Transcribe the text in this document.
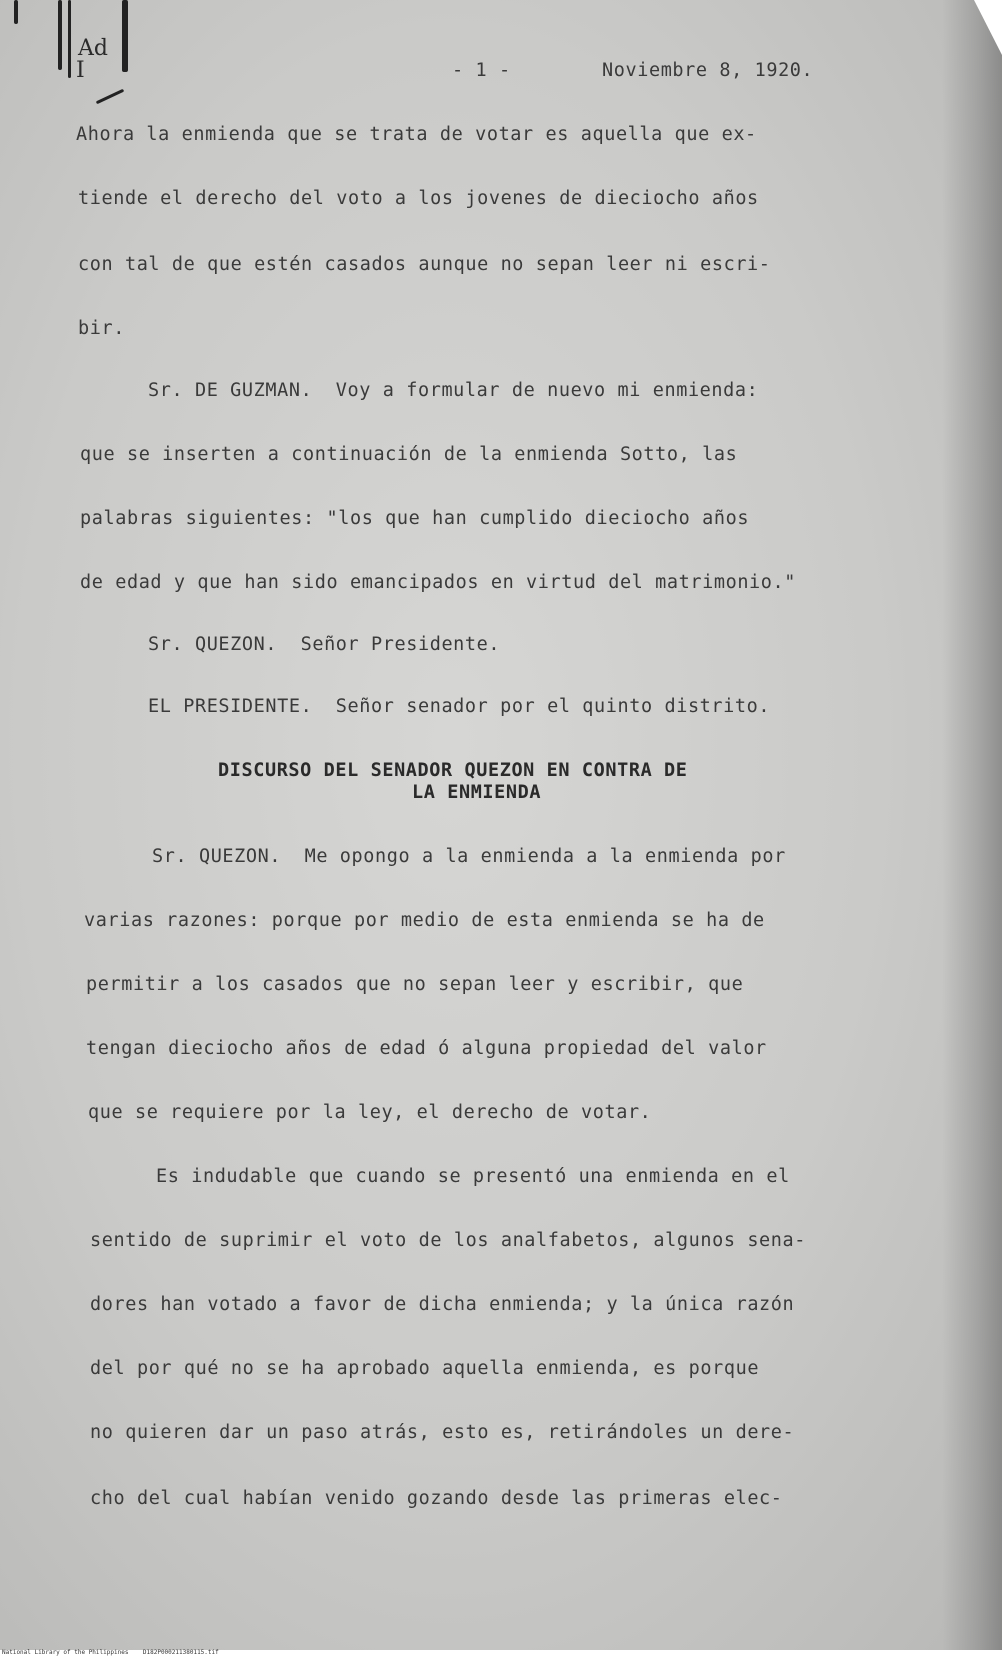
Ad
I	- 1 -	Noviembre 8, 1920.
Ahora la enmienda que se trata de votar es aquella que ex-
tiende el derecho del voto a los jovenes de dieciocho años
con tal de que estén casados aunque no sepan leer ni escri-
bir.
Sr. DE GUZMAN.  Voy a formular de nuevo mi enmienda:
que se inserten a continuación de la enmienda Sotto, las
palabras siguientes: "los que han cumplido dieciocho años
de edad y que han sido emancipados en virtud del matrimonio."
Sr. QUEZON.  Señor Presidente.
EL PRESIDENTE.  Señor senador por el quinto distrito.
DISCURSO DEL SENADOR QUEZON EN CONTRA DE
LA ENMIENDA
Sr. QUEZON.  Me opongo a la enmienda a la enmienda por
varias razones: porque por medio de esta enmienda se ha de
permitir a los casados que no sepan leer y escribir, que
tengan dieciocho años de edad ó alguna propiedad del valor
que se requiere por la ley, el derecho de votar.
Es indudable que cuando se presentó una enmienda en el
sentido de suprimir el voto de los analfabetos, algunos sena-
dores han votado a favor de dicha enmienda; y la única razón
del por qué no se ha aprobado aquella enmienda, es porque
no quieren dar un paso atrás, esto es, retirándoles un dere-
cho del cual habían venido gozando desde las primeras elec-
National Library of the Philippines    D182P000211380115.tif
